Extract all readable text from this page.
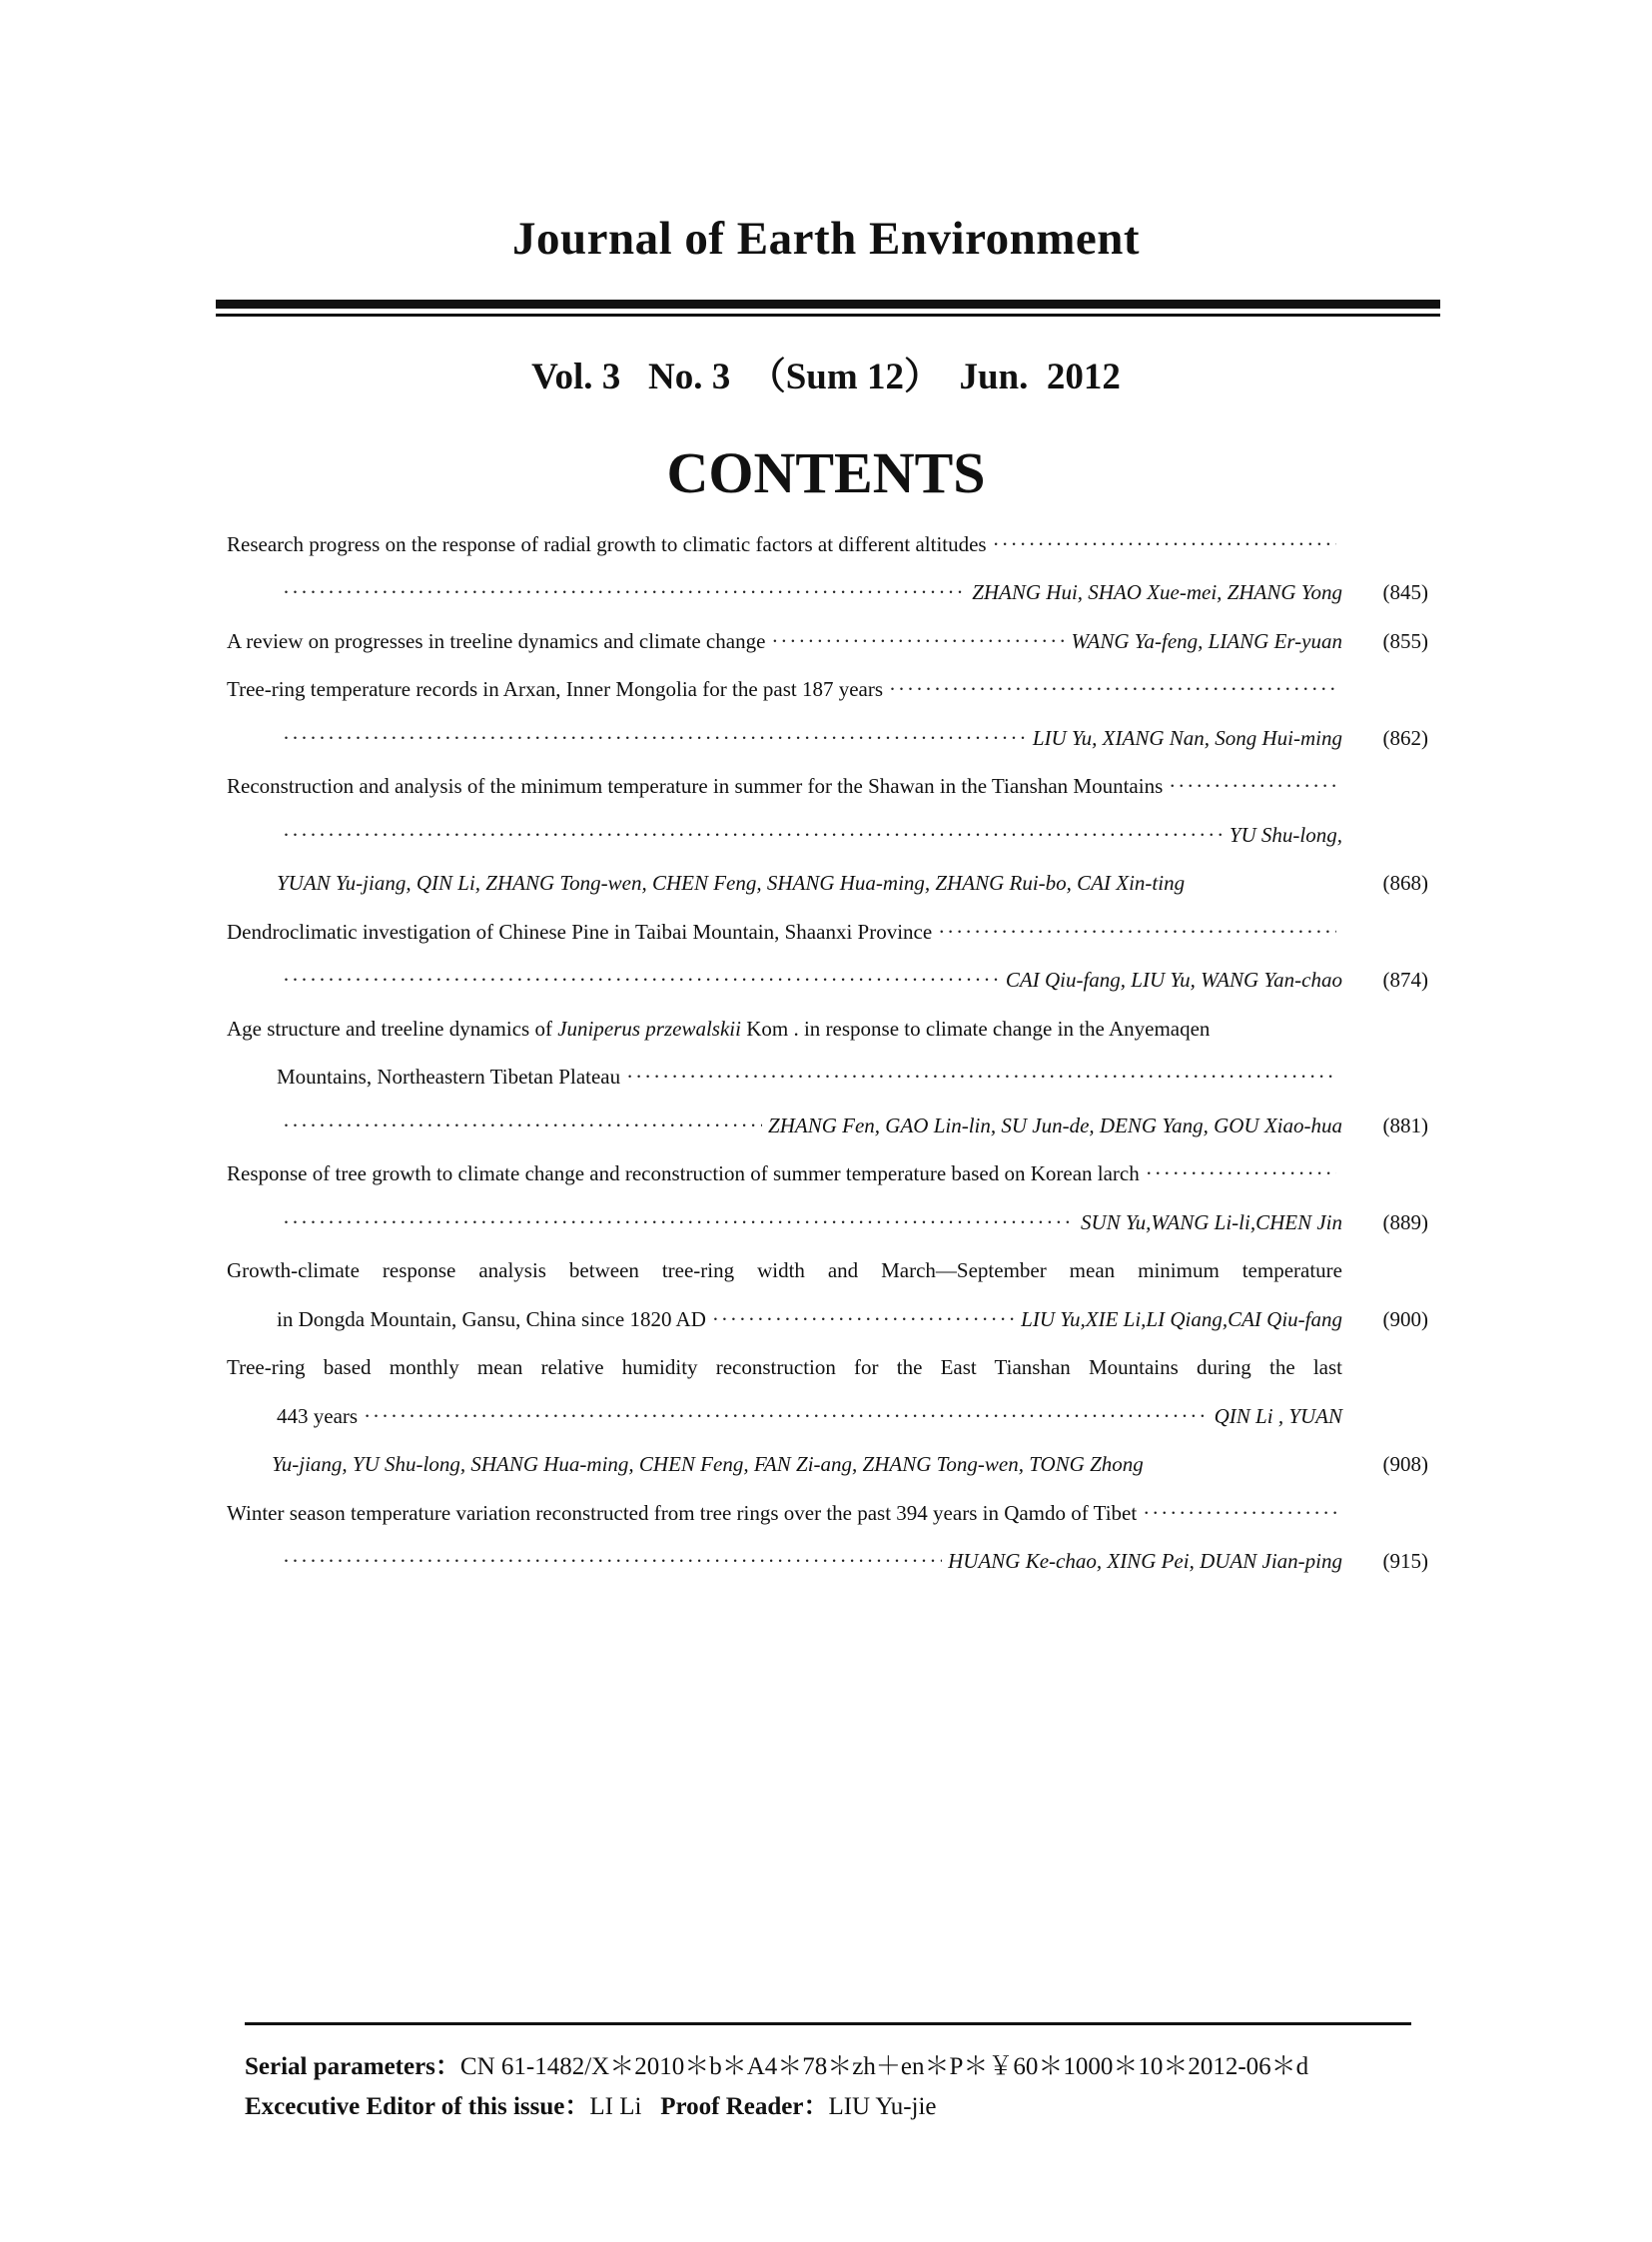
Journal of Earth Environment
Vol. 3 No. 3 （Sum 12） Jun.  2012
CONTENTS
Research progress on the response of radial growth to climatic factors at different altitudes
·····
·····
ZHANG Hui, SHAO Xue-mei, ZHANG Yong	(845)
A review on progresses in treeline dynamics and climate change ·····	WANG Ya-feng, LIANG Er-yuan	(855)
Tree-ring temperature records in Arxan, Inner Mongolia for the past 187 years
·····
·····
LIU Yu, XIANG Nan, Song Hui-ming	(862)
Reconstruction and analysis of the minimum temperature in summer for the Shawan in the Tianshan Mountains
·····
·····
YU Shu-long,
YUAN Yu-jiang, QIN Li, ZHANG Tong-wen, CHEN Feng, SHANG Hua-ming, ZHANG Rui-bo, CAI Xin-ting	(868)
Dendroclimatic investigation of Chinese Pine in Taibai Mountain, Shaanxi Province
·····
·····
CAI Qiu-fang, LIU Yu, WANG Yan-chao	(874)
Age structure and treeline dynamics of Juniperus przewalskii Kom . in response to climate change in the Anyemaqen
Mountains, Northeastern Tibetan Plateau
·····
·····
ZHANG Fen, GAO Lin-lin, SU Jun-de, DENG Yang, GOU Xiao-hua	(881)
Response of tree growth to climate change and reconstruction of summer temperature based on Korean larch
·····
·····
SUN Yu,WANG Li-li,CHEN Jin	(889)
Growth-climate response analysis between tree-ring width and March—September mean minimum temperature
in Dongda Mountain, Gansu, China since 1820 AD ·····	LIU Yu,XIE Li,LI Qiang,CAI Qiu-fang	(900)
Tree-ring based monthly mean relative humidity reconstruction for the East Tianshan Mountains during the last
443 years ·····	QIN Li , YUAN
Yu-jiang, YU Shu-long, SHANG Hua-ming, CHEN Feng, FAN Zi-ang, ZHANG Tong-wen, TONG Zhong	(908)
Winter season temperature variation reconstructed from tree rings over the past 394 years in Qamdo of Tibet
·····
·····
HUANG Ke-chao, XING Pei, DUAN Jian-ping	(915)
Serial parameters：CN 61-1482/X＊2010＊b＊A4＊78＊zh＋en＊P＊￥60＊1000＊10＊2012-06＊d
Excecutive Editor of this issue：LI Li Proof Reader：LIU Yu-jie
